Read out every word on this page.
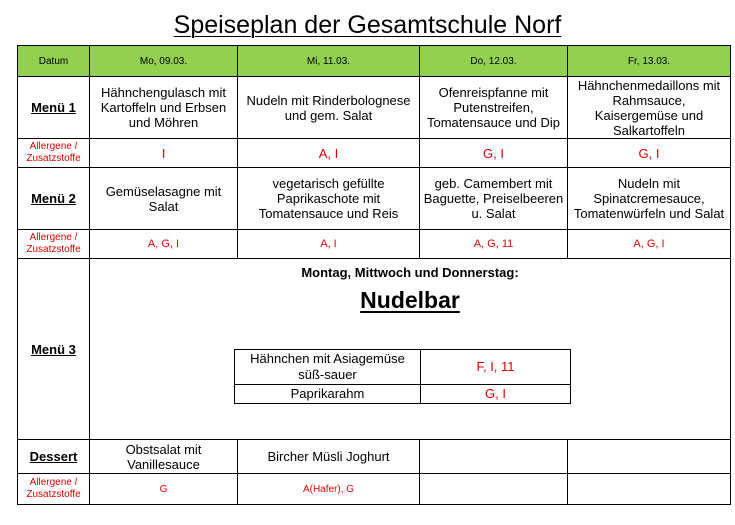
Speiseplan der Gesamtschule Norf
Datum	Mo, 09.03.	Mi, 11.03.	Do, 12.03.	Fr, 13.03.
Menü 1	Hähnchengulasch mit Kartoffeln und Erbsen und Möhren	Nudeln mit Rinderbolognese und gem. Salat	Ofenreispfanne mit Putenstreifen, Tomatensauce und Dip	Hähnchenmedaillons mit Rahmsauce, Kaisergemüse und Salkartoffeln
Allergene / Zusatzstoffe	I	A, I	G, I	G, I
Menü 2	Gemüselasagne mit Salat	vegetarisch gefüllte Paprikaschote mit Tomatensauce und Reis	geb. Camembert mit Baguette, Preiselbeeren u. Salat	Nudeln mit Spinatcremesauce, Tomatenwürfeln und Salat
Allergene / Zusatzstoffe	A, G, I	A, I	A, G, 11	A, G, I
Menü 3	
Montag, Mittwoch und Donnerstag:
Nudelbar
Hähnchen mit Asiagemüse süß-sauer	F, I, 11
Paprikarahm	G, I

Dessert	Obstsalat mit Vanillesauce	Bircher Müsli Joghurt		
Allergene / Zusatzstoffe	G	A(Hafer), G		
